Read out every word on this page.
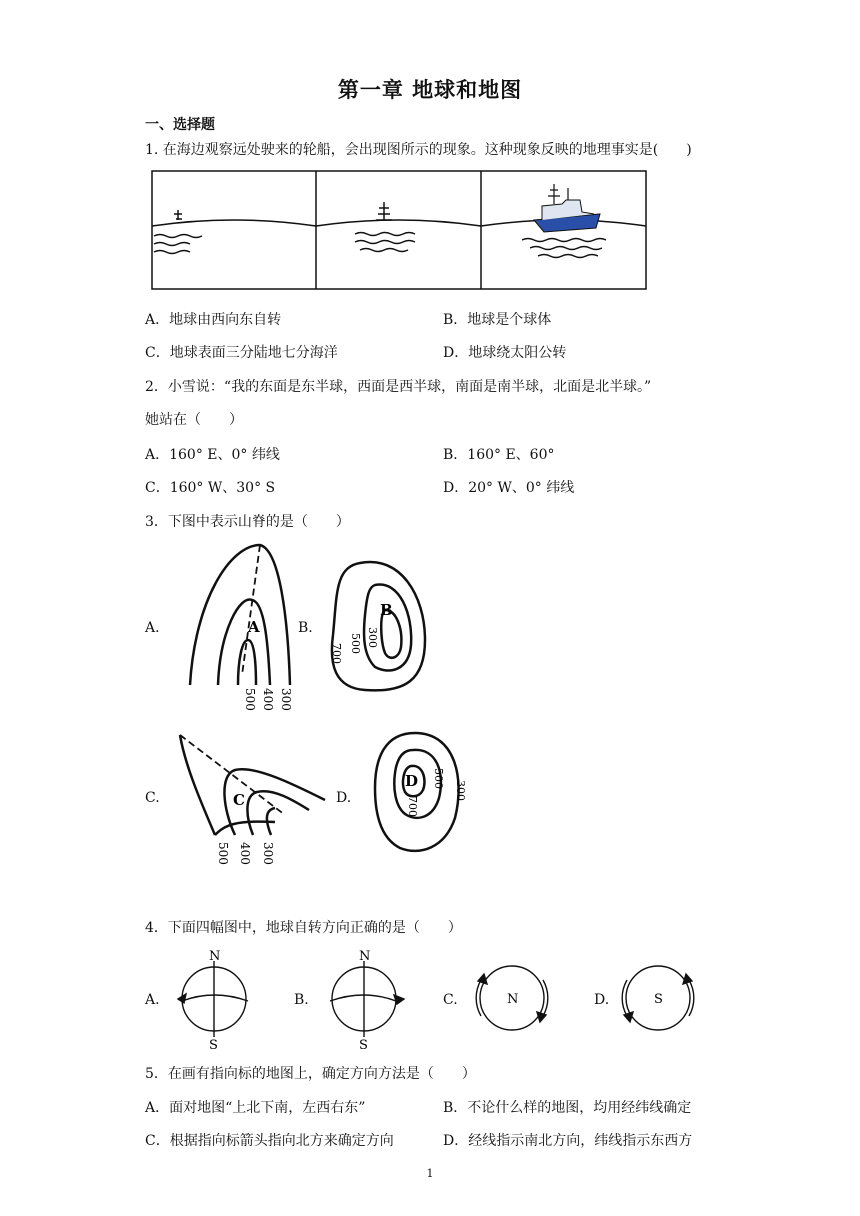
第一章 地球和地图
一、选择题
1. 在海边观察远处驶来的轮船，会出现图所示的现象。这种现象反映的地理事实是(　　)
A．地球由西向东自转	B．地球是个球体
C．地球表面三分陆地七分海洋	D．地球绕太阳公转
2．小雪说：“我的东面是东半球，西面是西半球，南面是南半球，北面是北半球。”
她站在（　　）
A．160° E、0° 纬线	B．160° E、60°
C．160° W、30° S	D．20° W、0° 纬线
3．下图中表示山脊的是（　　）
A.	A
500 400 300
B.
B
300
500
700
C.	C
500 400 300
D.
D
700
500
300
4．下面四幅图中，地球自转方向正确的是（　　）
A.
N
S
B.
N
S
C.	N	D.	S
5．在画有指向标的地图上，确定方向方法是（　　）
A．面对地图“上北下南，左西右东”	B．不论什么样的地图，均用经纬线确定
C．根据指向标箭头指向北方来确定方向	D．经线指示南北方向，纬线指示东西方
1
